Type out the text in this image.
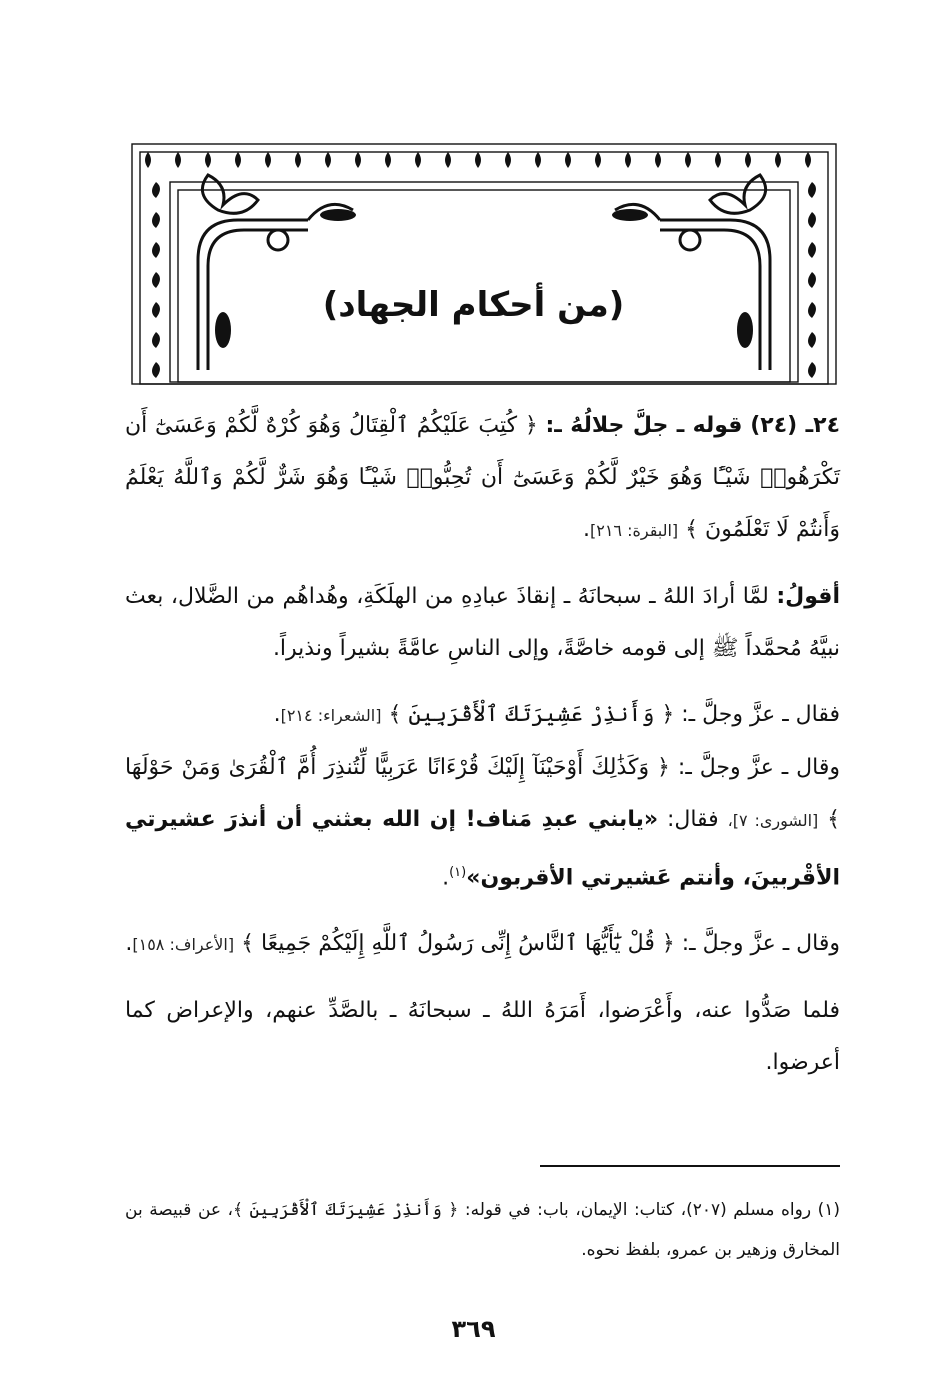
(من أحكام الجهاد)

٢٤ـ (٢٤) قوله ـ جلَّ جلالُهُ ـ: ﴿ كُتِبَ عَلَيْكُمُ ٱلْقِتَالُ وَهُوَ كُرْهٌ لَّكُمْ وَعَسَىٰٓ أَن تَكْرَهُوا۟ شَيْـًٔا وَهُوَ خَيْرٌ لَّكُمْ وَعَسَىٰٓ أَن تُحِبُّوا۟ شَيْـًٔا وَهُوَ شَرٌّ لَّكُمْ وَٱللَّهُ يَعْلَمُ وَأَنتُمْ لَا تَعْلَمُونَ ﴾ [البقرة: ٢١٦].

أقولُ: لمَّا أرادَ اللهُ ـ سبحانَهُ ـ إنقاذَ عبادِهِ من الهلَكَةِ، وهُداهُم من الضَّلال، بعث نبيَّهُ مُحمَّداً ﷺ إلى قومه خاصَّةً، وإلى الناسِ عامَّةً بشيراً ونذيراً.

فقال ـ عزَّ وجلَّ ـ: ﴿ وَأَنذِرْ عَشِيرَتَكَ ٱلْأَقْرَبِينَ ﴾ [الشعراء: ٢١٤].

وقال ـ عزَّ وجلَّ ـ: ﴿ وَكَذَٰلِكَ أَوْحَيْنَآ إِلَيْكَ قُرْءَانًا عَرَبِيًّا لِّتُنذِرَ أُمَّ ٱلْقُرَىٰ وَمَنْ حَوْلَهَا ﴾ [الشورى: ٧]، فقال: «يابني عبدِ مَناف! إن الله بعثني أن أنذرَ عشيرتي الأقْربينَ، وأنتم عَشيرتي الأقربون»$^{(١)}$.

وقال ـ عزَّ وجلَّ ـ: ﴿ قُلْ يَٰٓأَيُّهَا ٱلنَّاسُ إِنِّى رَسُولُ ٱللَّهِ إِلَيْكُمْ جَمِيعًا ﴾ [الأعراف: ١٥٨].

فلما صَدُّوا عنه، وأَعْرَضوا، أَمَرَهُ اللهُ ـ سبحانَهُ ـ بالصَّدِّ عنهم، والإعراض كما أعرضوا.

(١) رواه مسلم (٢٠٧)، كتاب: الإيمان، باب: في قوله: ﴿ وَأَنذِرْ عَشِيرَتَكَ ٱلْأَقْرَبِينَ ﴾، عن قبيصة بن المخارق وزهير بن عمرو، بلفظ نحوه.
٣٦٩
